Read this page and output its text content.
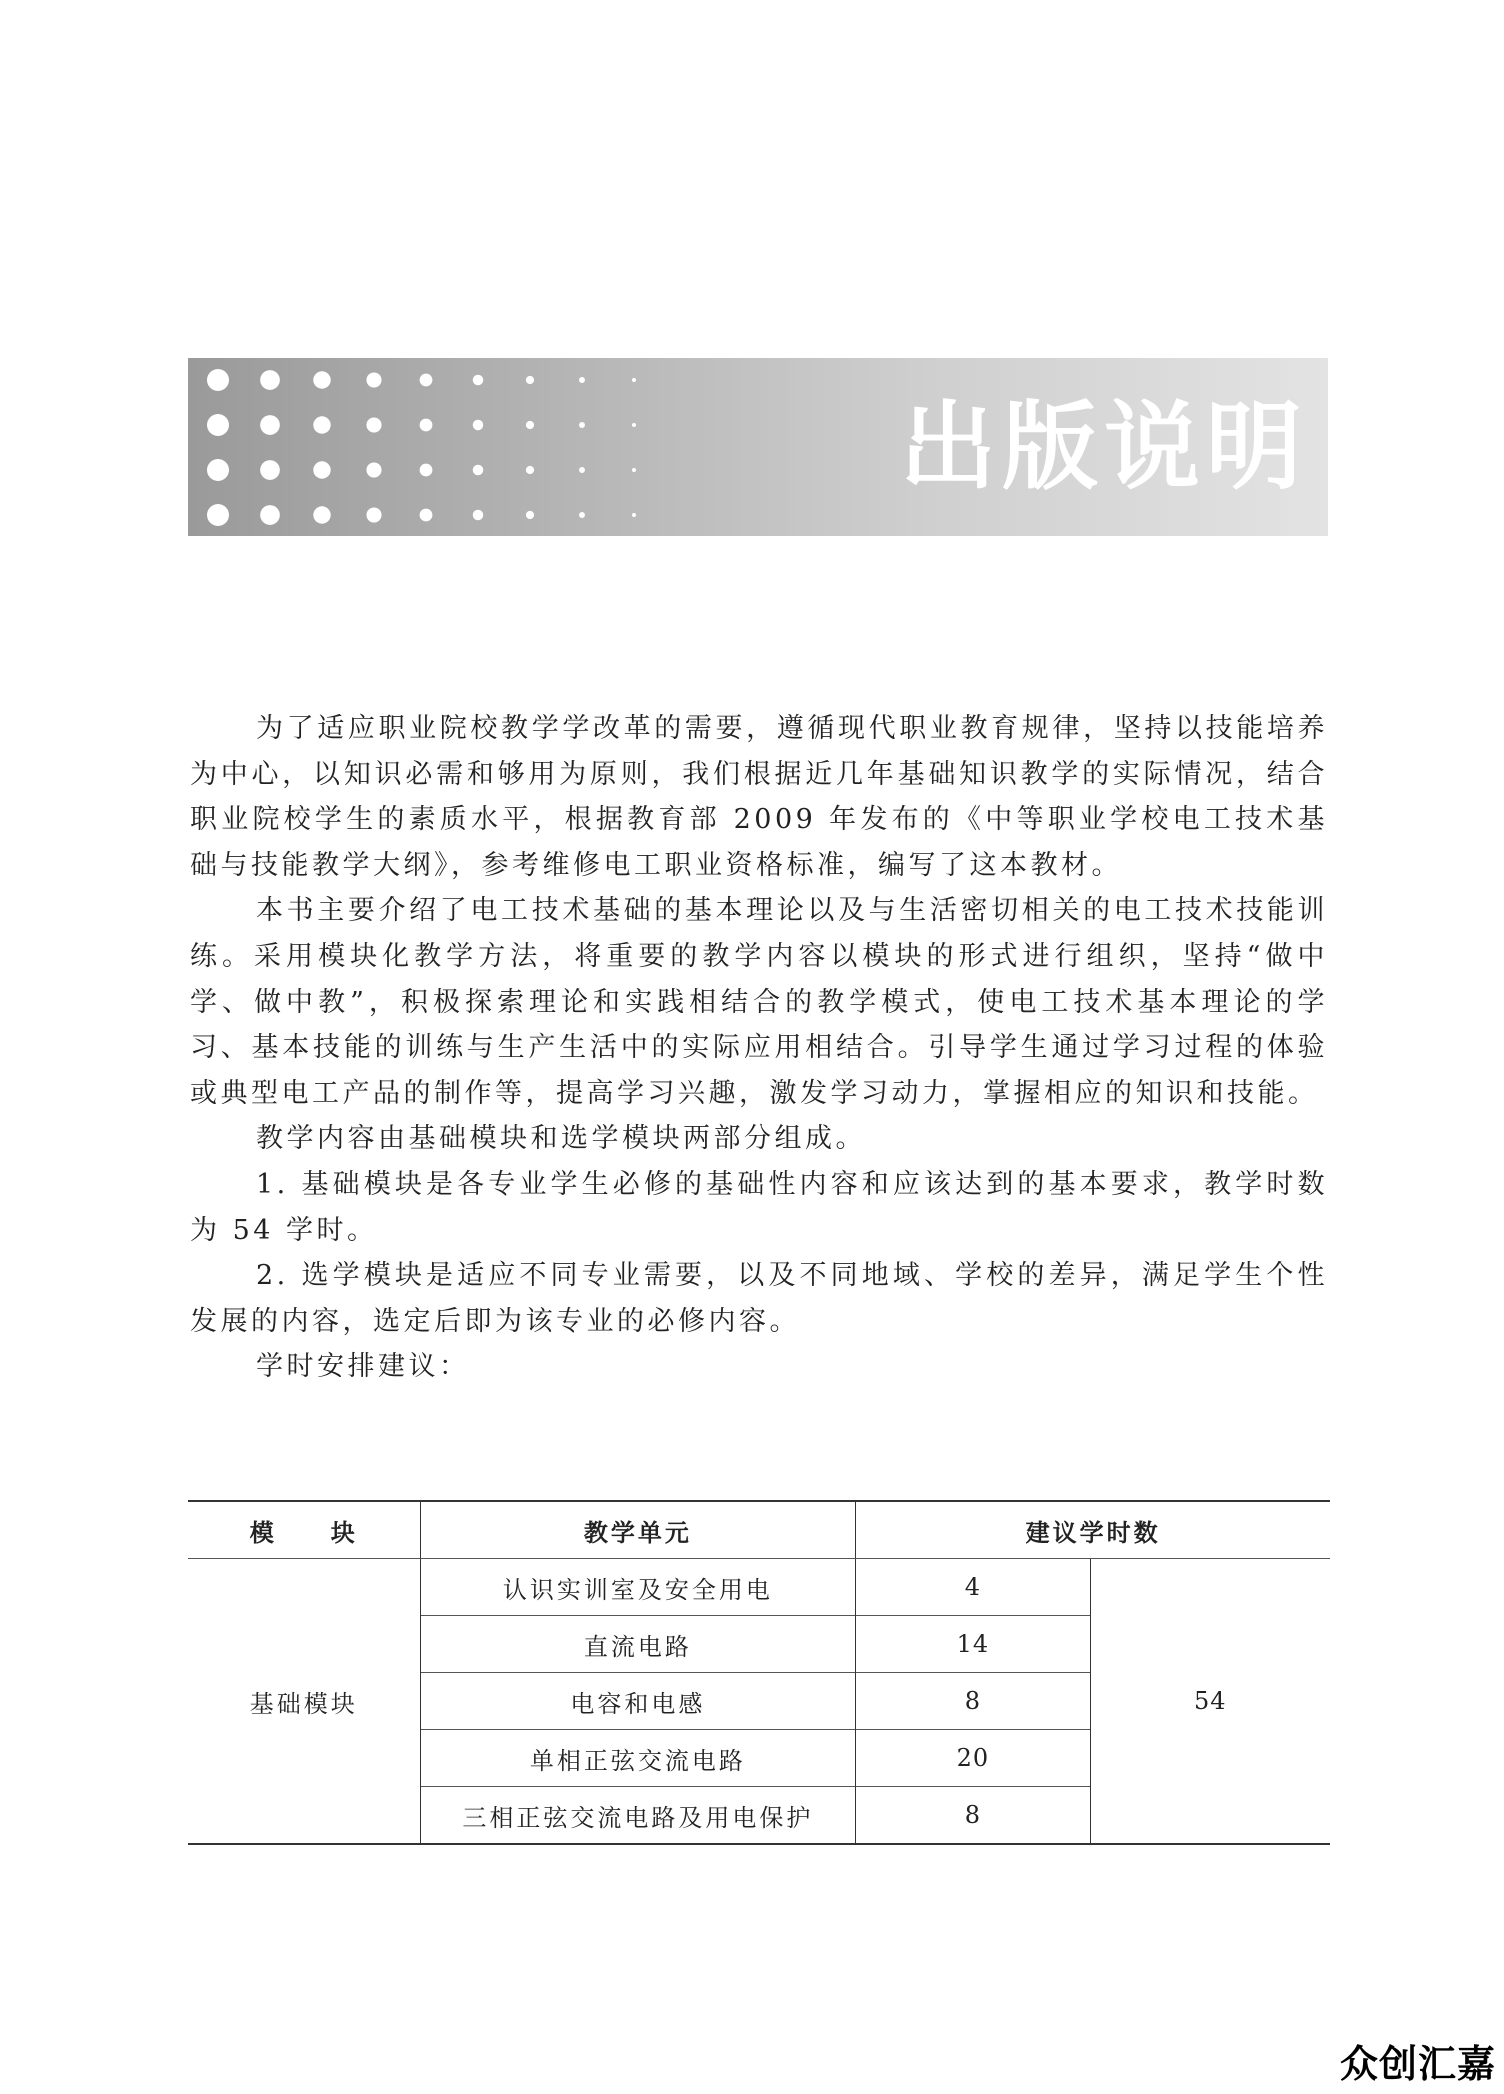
出版说明

为了适应职业院校教学学改革的需要，遵循现代职业教育规律，坚持以技能培养为中心，以知识必需和够用为原则，我们根据近几年基础知识教学的实际情况，结合职业院校学生的素质水平，根据教育部 2009 年发布的《中等职业学校电工技术基础与技能教学大纲》，参考维修电工职业资格标准，编写了这本教材。

本书主要介绍了电工技术基础的基本理论以及与生活密切相关的电工技术技能训练。采用模块化教学方法，将重要的教学内容以模块的形式进行组织，坚持“做中学、做中教”，积极探索理论和实践相结合的教学模式，使电工技术基本理论的学习、基本技能的训练与生产生活中的实际应用相结合。引导学生通过学习过程的体验或典型电工产品的制作等，提高学习兴趣，激发学习动力，掌握相应的知识和技能。

教学内容由基础模块和选学模块两部分组成。

1. 基础模块是各专业学生必修的基础性内容和应该达到的基本要求，教学时数为 54 学时。

2. 选学模块是适应不同专业需要，以及不同地域、学校的差异，满足学生个性发展的内容，选定后即为该专业的必修内容。

学时安排建议：

模　　块	教学单元	建议学时数	
基础模块	认识实训室及安全用电	4	54
	直流电路	14	
	电容和电感	8	
	单相正弦交流电路	20	
	三相正弦交流电路及用电保护	8	
众创汇嘉
